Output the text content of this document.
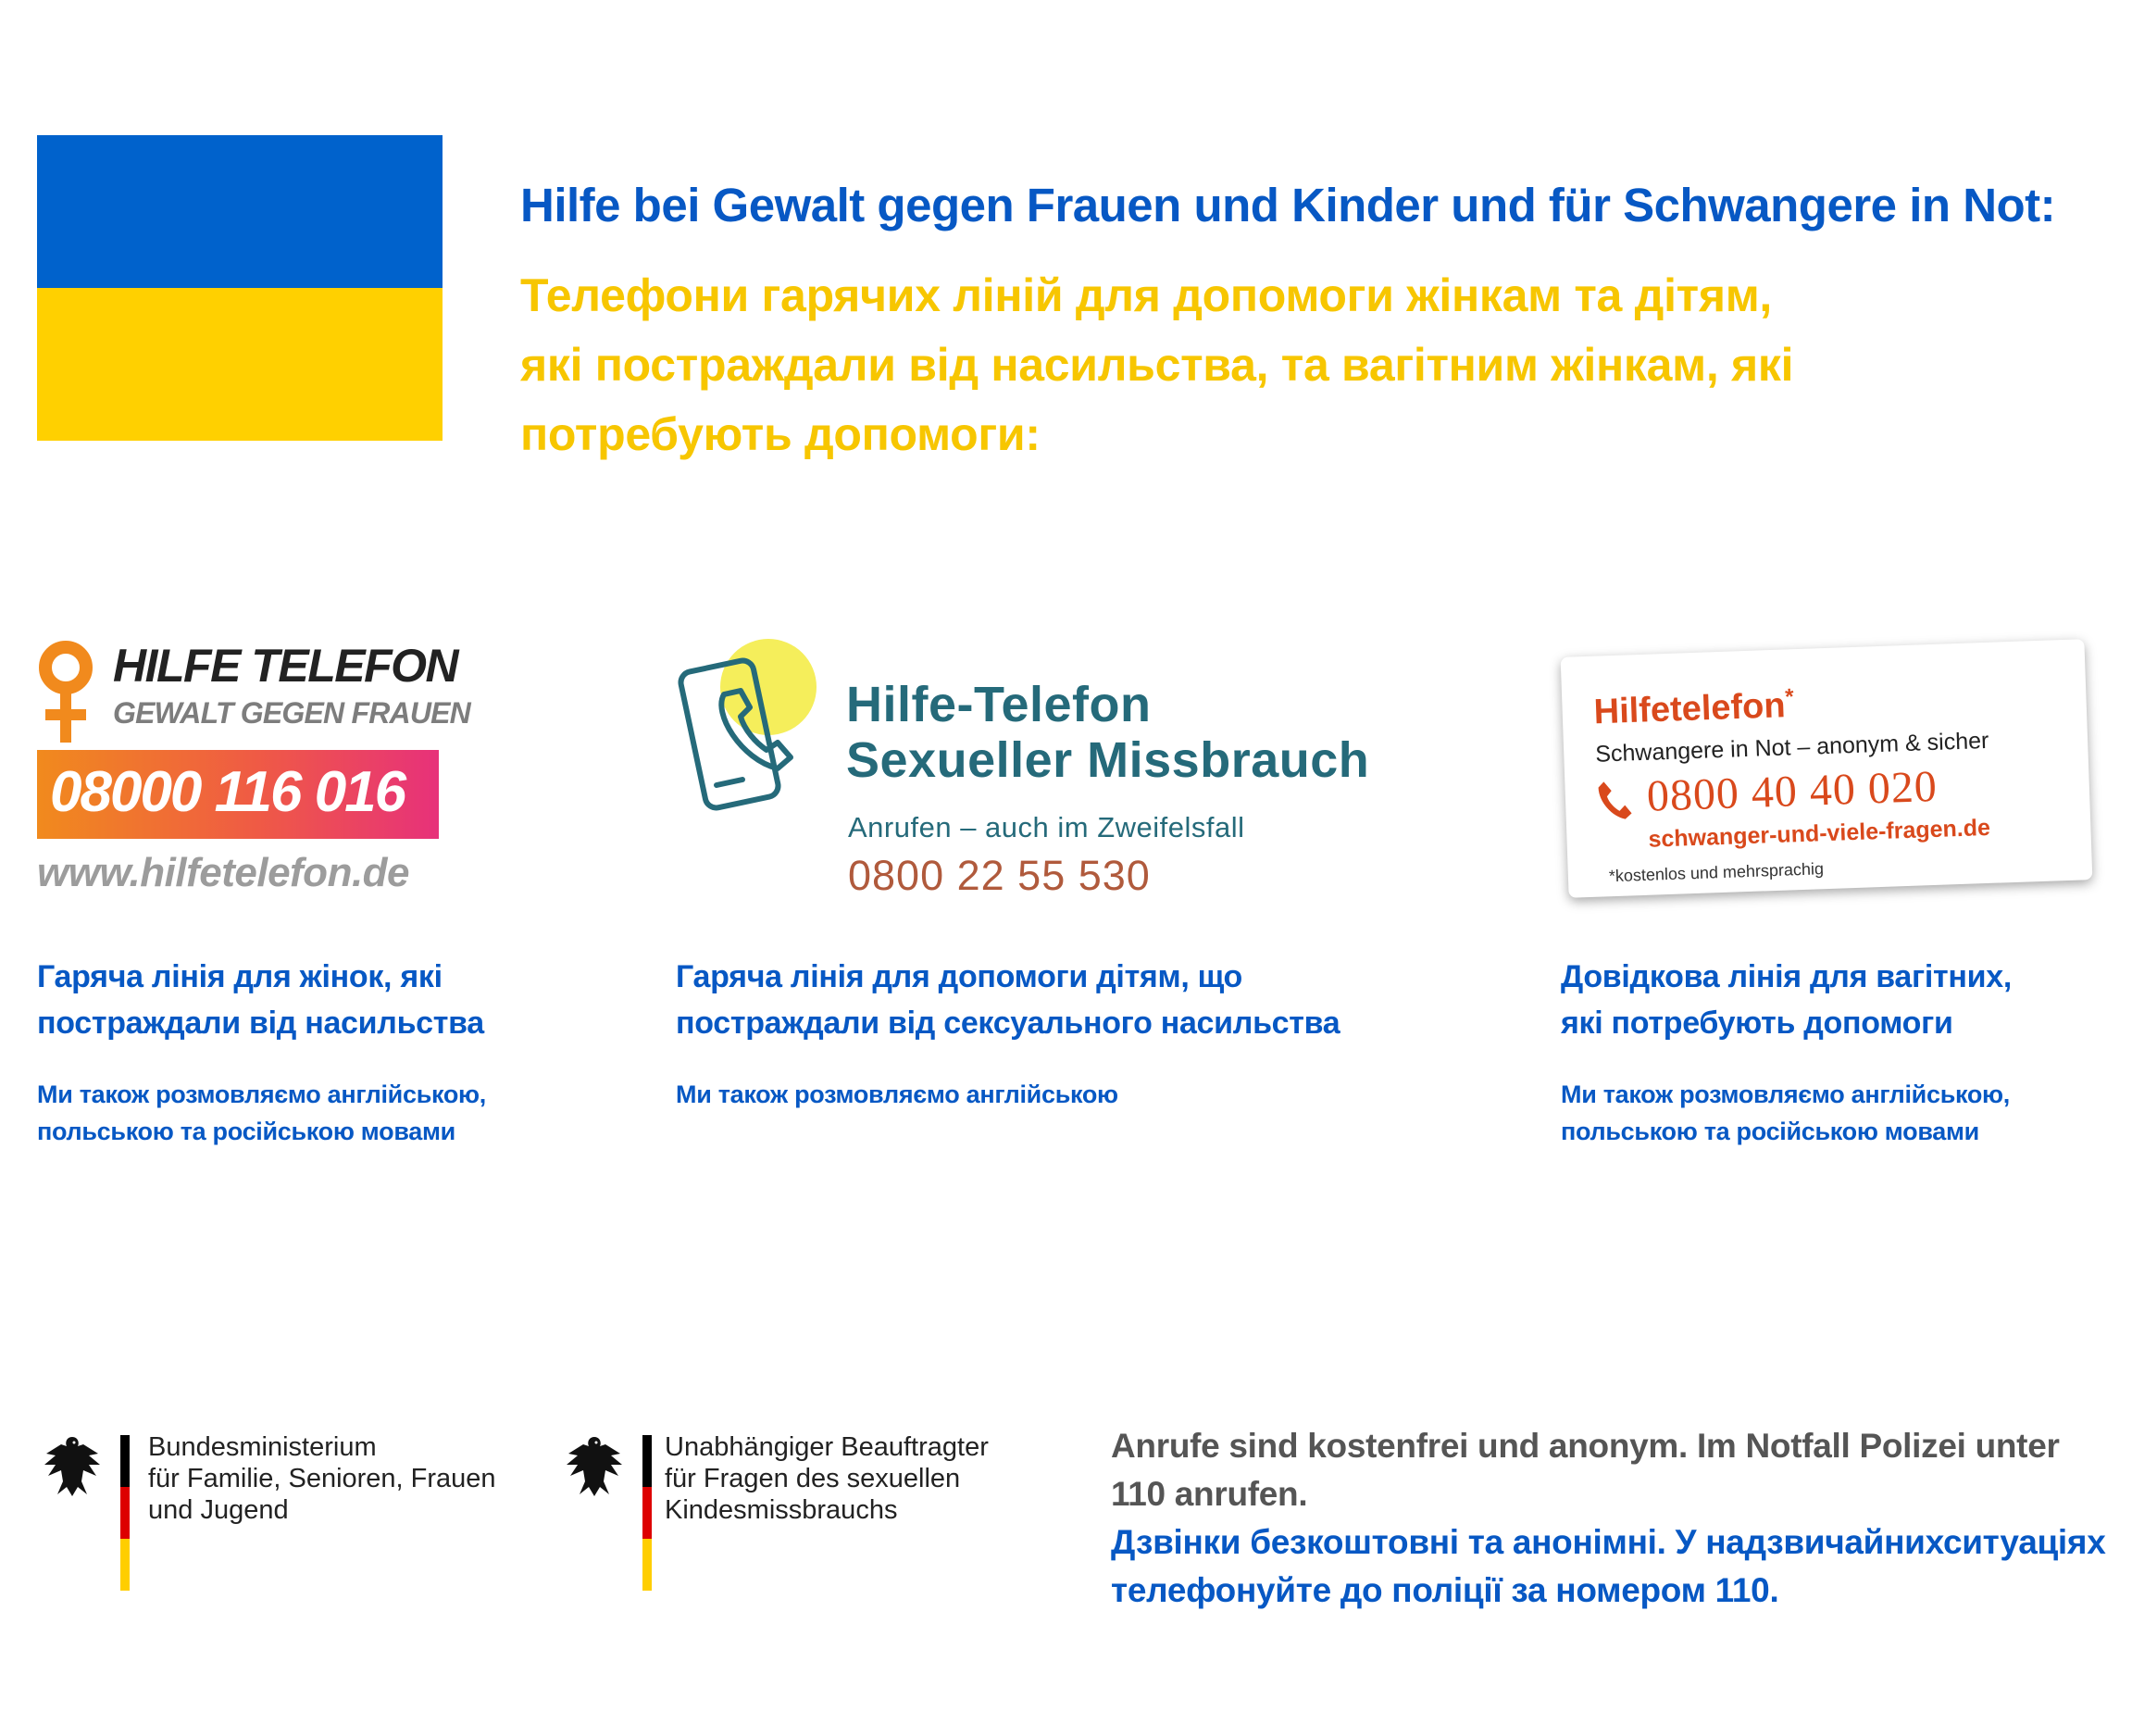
Hilfe bei Gewalt gegen Frauen und Kinder und für Schwangere in Not:
Телефони гарячих ліній для допомоги жінкам та дітям,
які постраждали від насильства, та вагітним жінкам, які
потребують допомоги:
HILFE TELEFON
GEWALT GEGEN FRAUEN
08000 116 016
www.hilfetelefon.de
Hilfe-Telefon
Sexueller Missbrauch
Anrufen – auch im Zweifelsfall
0800 22 55 530
Hilfetelefon*
Schwangere in Not – anonym & sicher
0800 40 40 020
schwanger-und-viele-fragen.de
*kostenlos und mehrsprachig
Гаряча лінія для жінок, які
постраждали від насильства
Ми також розмовляємо англійською,
польською та російською мовами
Гаряча лінія для допомоги дітям, що
постраждали від сексуального насильства
Ми також розмовляємо англійською
Довідкова лінія для вагітних,
які потребують допомоги
Ми також розмовляємо англійською,
польською та російською мовами
Bundesministerium
für Familie, Senioren, Frauen
und Jugend
Unabhängiger Beauftragter
für Fragen des sexuellen
Kindesmissbrauchs
Anrufe sind kostenfrei und anonym. Im Notfall Polizei unter
110 anrufen.
Дзвінки безкоштовні та анонімні. У надзвичайнихситуаціях
телефонуйте до поліції за номером 110.
